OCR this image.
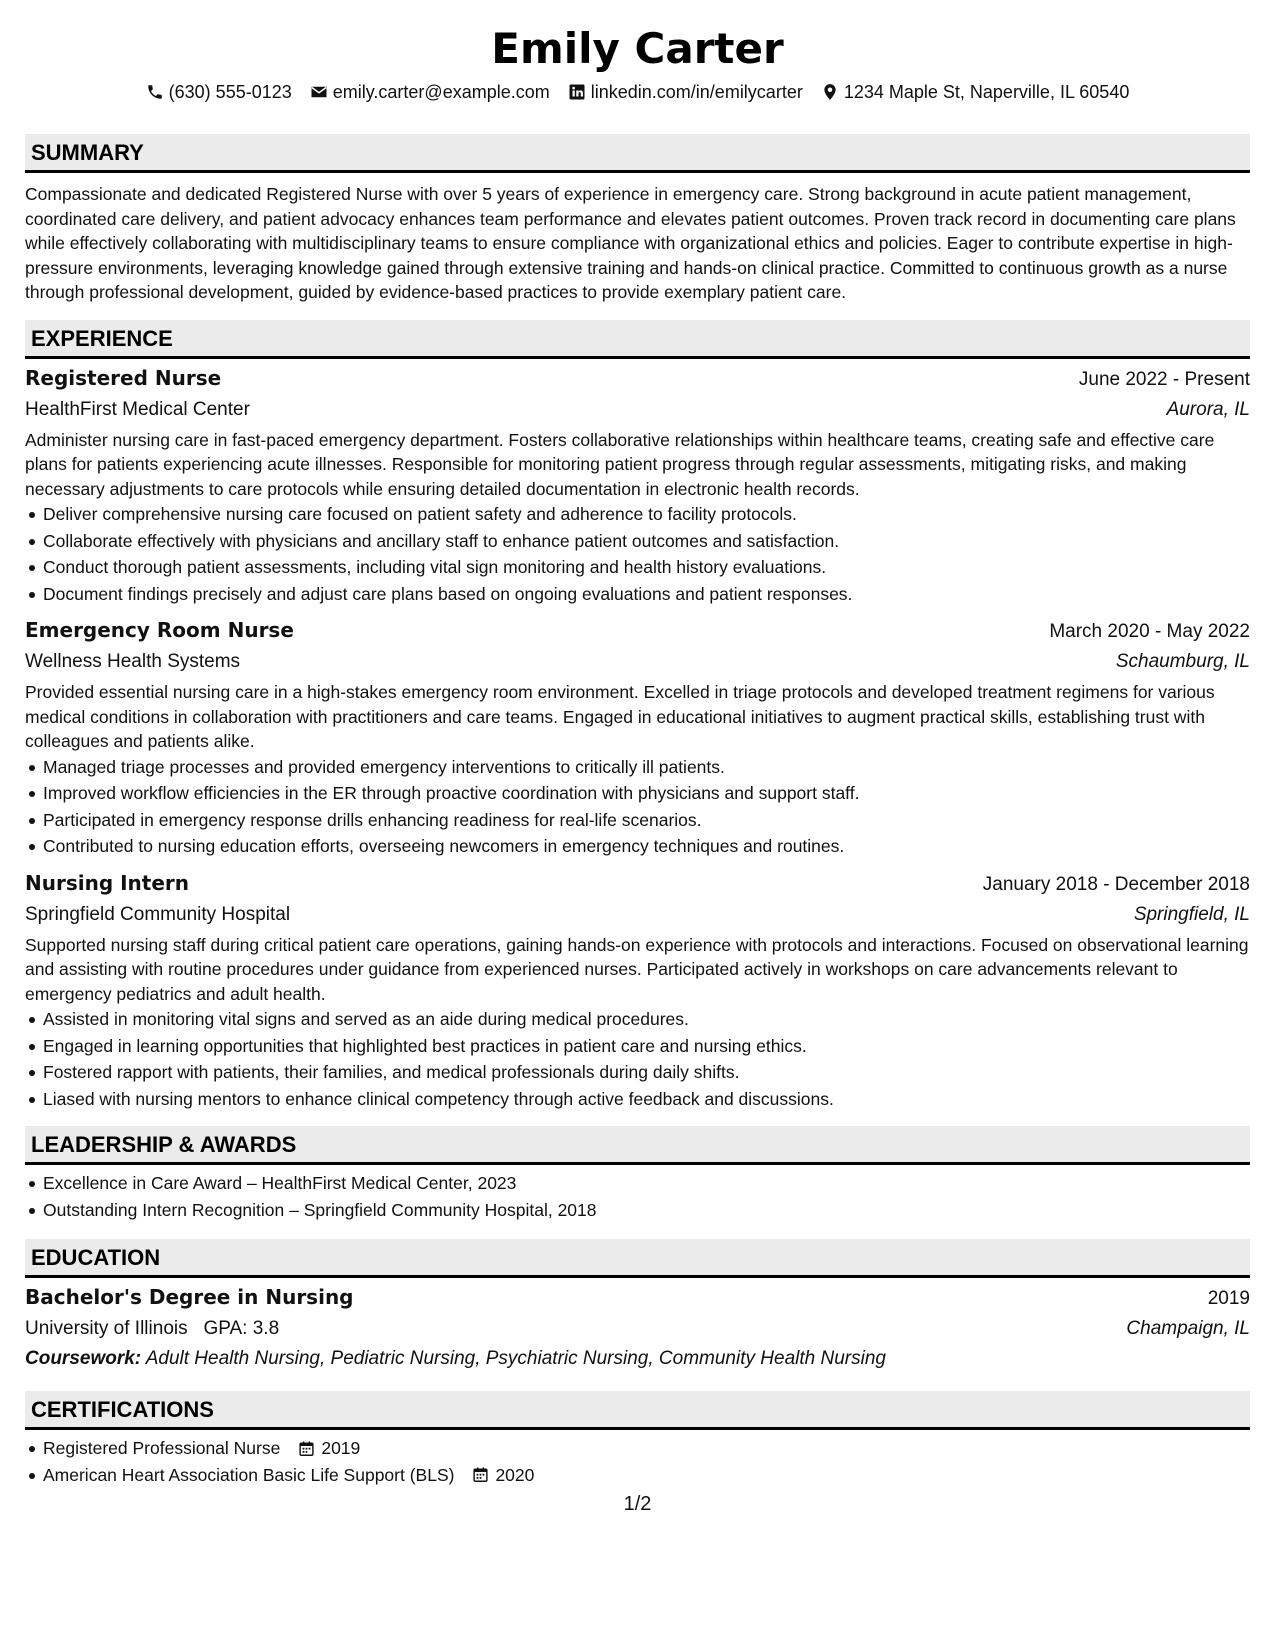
Emily Carter
(630) 555-0123 emily.carter@example.com linkedin.com/in/emilycarter 1234 Maple St, Naperville, IL 60540
SUMMARY

Compassionate and dedicated Registered Nurse with over 5 years of experience in emergency care. Strong background in acute patient management, coordinated care delivery, and patient advocacy enhances team performance and elevates patient outcomes. Proven track record in documenting care plans while effectively collaborating with multidisciplinary teams to ensure compliance with organizational ethics and policies. Eager to contribute expertise in high-pressure environments, leveraging knowledge gained through extensive training and hands-on clinical practice. Committed to continuous growth as a nurse through professional development, guided by evidence-based practices to provide exemplary patient care.

EXPERIENCE
Registered Nurse	June 2022 - Present
HealthFirst Medical Center	Aurora, IL

Administer nursing care in fast-paced emergency department. Fosters collaborative relationships within healthcare teams, creating safe and effective care plans for patients experiencing acute illnesses. Responsible for monitoring patient progress through regular assessments, mitigating risks, and making necessary adjustments to care protocols while ensuring detailed documentation in electronic health records.

Deliver comprehensive nursing care focused on patient safety and adherence to facility protocols.
Collaborate effectively with physicians and ancillary staff to enhance patient outcomes and satisfaction.
Conduct thorough patient assessments, including vital sign monitoring and health history evaluations.
Document findings precisely and adjust care plans based on ongoing evaluations and patient responses.
Emergency Room Nurse	March 2020 - May 2022
Wellness Health Systems	Schaumburg, IL

Provided essential nursing care in a high-stakes emergency room environment. Excelled in triage protocols and developed treatment regimens for various medical conditions in collaboration with practitioners and care teams. Engaged in educational initiatives to augment practical skills, establishing trust with colleagues and patients alike.

Managed triage processes and provided emergency interventions to critically ill patients.
Improved workflow efficiencies in the ER through proactive coordination with physicians and support staff.
Participated in emergency response drills enhancing readiness for real-life scenarios.
Contributed to nursing education efforts, overseeing newcomers in emergency techniques and routines.
Nursing Intern	January 2018 - December 2018
Springfield Community Hospital	Springfield, IL

Supported nursing staff during critical patient care operations, gaining hands-on experience with protocols and interactions. Focused on observational learning and assisting with routine procedures under guidance from experienced nurses. Participated actively in workshops on care advancements relevant to emergency pediatrics and adult health.

Assisted in monitoring vital signs and served as an aide during medical procedures.
Engaged in learning opportunities that highlighted best practices in patient care and nursing ethics.
Fostered rapport with patients, their families, and medical professionals during daily shifts.
Liased with nursing mentors to enhance clinical competency through active feedback and discussions.
LEADERSHIP & AWARDS
Excellence in Care Award – HealthFirst Medical Center, 2023
Outstanding Intern Recognition – Springfield Community Hospital, 2018
EDUCATION
Bachelor's Degree in Nursing	2019
University of Illinois GPA: 3.8	Champaign, IL
Coursework: Adult Health Nursing, Pediatric Nursing, Psychiatric Nursing, Community Health Nursing
CERTIFICATIONS
Registered Professional Nurse 2019
American Heart Association Basic Life Support (BLS) 2020
1/2
